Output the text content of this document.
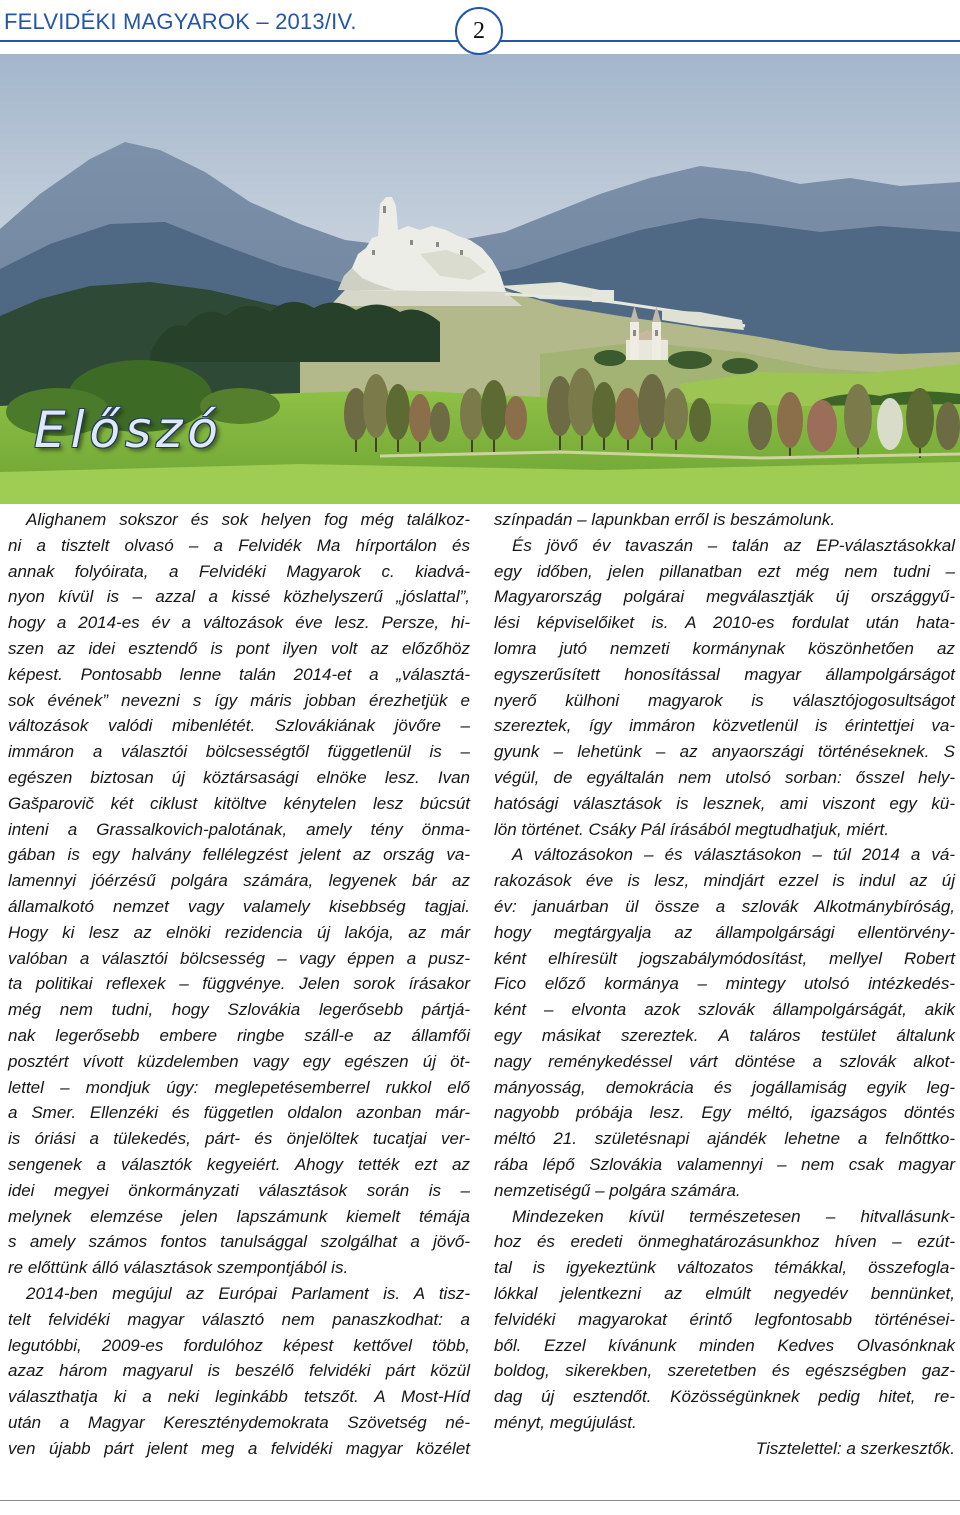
FELVIDÉKI MAGYAROK – 2013/IV.	2
Előszó
Alighanem sokszor és sok helyen fog még találkoz-
ni a tisztelt olvasó – a Felvidék Ma hírportálon és
annak folyóirata, a Felvidéki Magyarok c. kiadvá-
nyon kívül is – azzal a kissé közhelyszerű „jóslattal”,
hogy a 2014-es év a változások éve lesz. Persze, hi-
szen az idei esztendő is pont ilyen volt az előzőhöz
képest. Pontosabb lenne talán 2014-et a „választá-
sok évének” nevezni s így máris jobban érezhetjük e
változások valódi mibenlétét. Szlovákiának jövőre –
immáron a választói bölcsességtől függetlenül is –
egészen biztosan új köztársasági elnöke lesz. Ivan
Gašparovič két ciklust kitöltve kénytelen lesz búcsút
inteni a Grassalkovich-palotának, amely tény önma-
gában is egy halvány fellélegzést jelent az ország va-
lamennyi jóérzésű polgára számára, legyenek bár az
államalkotó nemzet vagy valamely kisebbség tagjai.
Hogy ki lesz az elnöki rezidencia új lakója, az már
valóban a választói bölcsesség – vagy éppen a pusz-
ta politikai reflexek – függvénye. Jelen sorok írásakor
még nem tudni, hogy Szlovákia legerősebb pártjá-
nak legerősebb embere ringbe száll-e az államfői
posztért vívott küzdelemben vagy egy egészen új öt-
lettel – mondjuk úgy: meglepetésemberrel rukkol elő
a Smer. Ellenzéki és független oldalon azonban már-
is óriási a tülekedés, párt- és önjelöltek tucatjai ver-
sengenek a választók kegyeiért. Ahogy tették ezt az
idei megyei önkormányzati választások során is –
melynek elemzése jelen lapszámunk kiemelt témája
s amely számos fontos tanulsággal szolgálhat a jövő-
re előttünk álló választások szempontjából is.
2014-ben megújul az Európai Parlament is. A tisz-
telt felvidéki magyar választó nem panaszkodhat: a
legutóbbi, 2009-es fordulóhoz képest kettővel több,
azaz három magyarul is beszélő felvidéki párt közül
választhatja ki a neki leginkább tetszőt. A Most-Híd
után a Magyar Kereszténydemokrata Szövetség né-
ven újabb párt jelent meg a felvidéki magyar közélet
színpadán – lapunkban erről is beszámolunk.
És jövő év tavaszán – talán az EP-választásokkal
egy időben, jelen pillanatban ezt még nem tudni –
Magyarország polgárai megválasztják új országgyű-
lési képviselőiket is. A 2010-es fordulat után hata-
lomra jutó nemzeti kormánynak köszönhetően az
egyszerűsített honosítással magyar állampolgárságot
nyerő külhoni magyarok is választójogosultságot
szereztek, így immáron közvetlenül is érintettjei va-
gyunk – lehetünk – az anyaországi történéseknek. S
végül, de egyáltalán nem utolsó sorban: ősszel hely-
hatósági választások is lesznek, ami viszont egy kü-
lön történet. Csáky Pál írásából megtudhatjuk, miért.
A változásokon – és választásokon – túl 2014 a vá-
rakozások éve is lesz, mindjárt ezzel is indul az új
év: januárban ül össze a szlovák Alkotmánybíróság,
hogy megtárgyalja az állampolgársági ellentörvény-
ként elhíresült jogszabálymódosítást, mellyel Robert
Fico előző kormánya – mintegy utolsó intézkedés-
ként – elvonta azok szlovák állampolgárságát, akik
egy másikat szereztek. A taláros testület általunk
nagy reménykedéssel várt döntése a szlovák alkot-
mányosság, demokrácia és jogállamiság egyik leg-
nagyobb próbája lesz. Egy méltó, igazságos döntés
méltó 21. születésnapi ajándék lehetne a felnőttko-
rába lépő Szlovákia valamennyi – nem csak magyar
nemzetiségű – polgára számára.
Mindezeken kívül természetesen – hitvallásunk-
hoz és eredeti önmeghatározásunkhoz híven – ezút-
tal is igyekeztünk változatos témákkal, összefogla-
lókkal jelentkezni az elmúlt negyedév bennünket,
felvidéki magyarokat érintő legfontosabb történései-
ből. Ezzel kívánunk minden Kedves Olvasónknak
boldog, sikerekben, szeretetben és egészségben gaz-
dag új esztendőt. Közösségünknek pedig hitet, re-
ményt, megújulást.
Tisztelettel: a szerkesztők.
